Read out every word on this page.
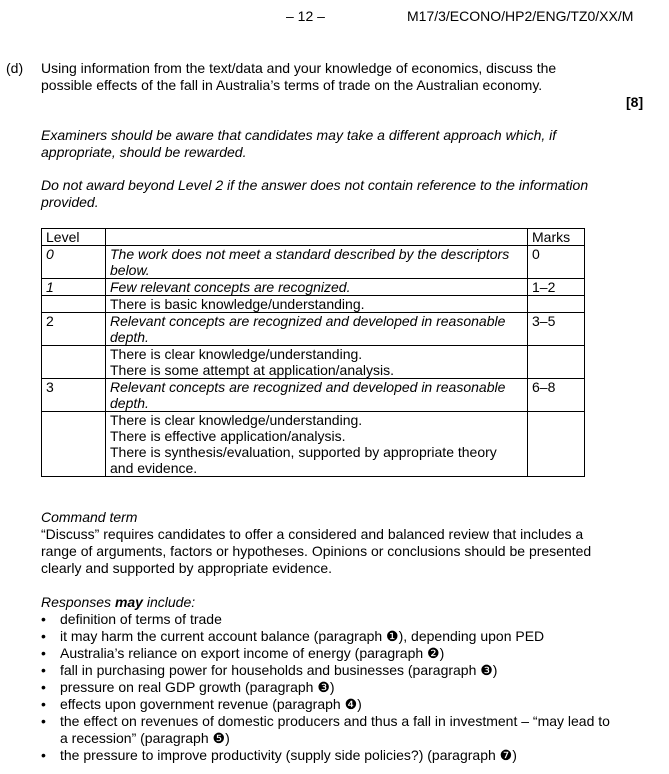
– 12 –	M17/3/ECONO/HP2/ENG/TZ0/XX/M
(d) Using information from the text/data and your knowledge of economics, discuss the possible effects of the fall in Australia’s terms of trade on the Australian economy.
[8]
Examiners should be aware that candidates may take a different approach which, if appropriate, should be rewarded.
Do not award beyond Level 2 if the answer does not contain reference to the information provided.
Level		Marks
0	The work does not meet a standard described by the descriptors below.	0
1	Few relevant concepts are recognized.	1–2

	There is basic knowledge/understanding.	

2	Relevant concepts are recognized and developed in reasonable depth.	3–5

	There is clear knowledge/understanding.
There is some attempt at application/analysis.	

3	Relevant concepts are recognized and developed in reasonable depth.	6–8

	There is clear knowledge/understanding.
There is effective application/analysis.
There is synthesis/evaluation, supported by appropriate theory and evidence.	

Command term
“Discuss” requires candidates to offer a considered and balanced review that includes a range of arguments, factors or hypotheses. Opinions or conclusions should be presented clearly and supported by appropriate evidence.
Responses may include:
• definition of terms of trade
• it may harm the current account balance (paragraph ❶), depending upon PED
• Australia’s reliance on export income of energy (paragraph ❷)
• fall in purchasing power for households and businesses (paragraph ❸)
• pressure on real GDP growth (paragraph ❸)
• effects upon government revenue (paragraph ❹)
• the effect on revenues of domestic producers and thus a fall in investment – “may lead to a recession” (paragraph ❺)
• the pressure to improve productivity (supply side policies?) (paragraph ❼)
